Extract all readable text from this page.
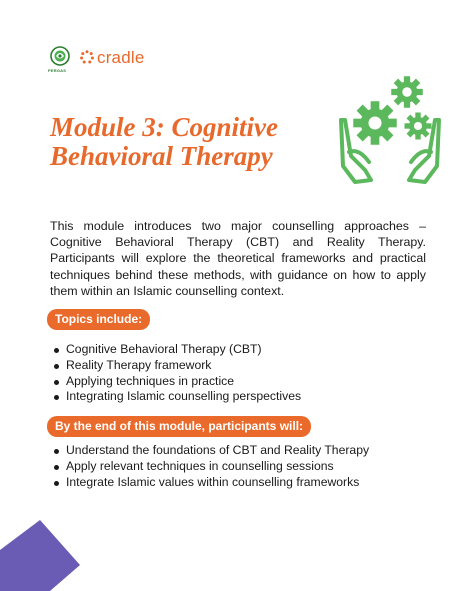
cradle
PERGAS
Module 3: Cognitive
Behavioral Therapy

This module introduces two major counselling approaches – Cognitive Behavioral Therapy (CBT) and Reality Therapy. Participants will explore the theoretical frameworks and practical techniques behind these methods, with guidance on how to apply them within an Islamic counselling context.

Topics include:
Cognitive Behavioral Therapy (CBT)
Reality Therapy framework
Applying techniques in practice
Integrating Islamic counselling perspectives
By the end of this module, participants will:
Understand the foundations of CBT and Reality Therapy
Apply relevant techniques in counselling sessions
Integrate Islamic values within counselling frameworks
